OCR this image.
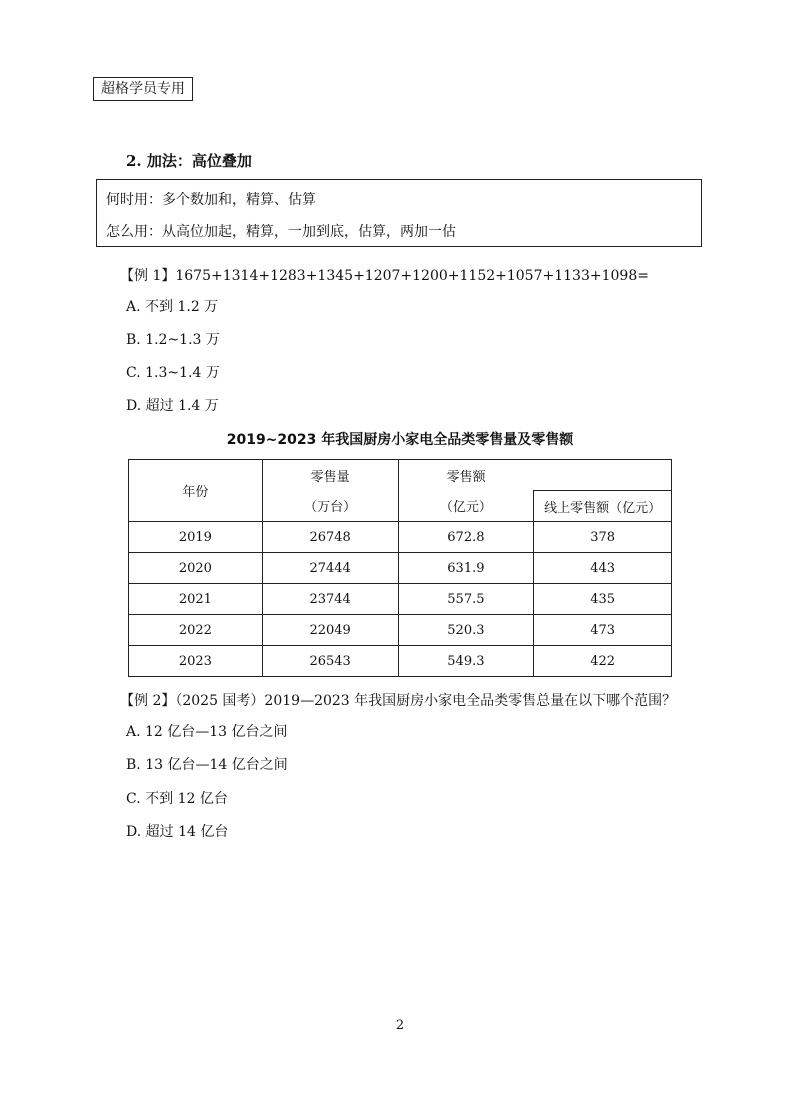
超格学员专用
2. 加法：高位叠加
何时用：多个数加和，精算、估算
怎么用：从高位加起，精算，一加到底，估算，两加一估
【例 1】1675+1314+1283+1345+1207+1200+1152+1057+1133+1098=
A. 不到 1.2 万
B. 1.2~1.3 万
C. 1.3~1.4 万
D. 超过 1.4 万
2019~2023 年我国厨房小家电全品类零售量及零售额
年份	零售量	零售额	
	（万台）	（亿元）	线上零售额（亿元）
2019	26748	672.8	378
2020	27444	631.9	443
2021	23744	557.5	435
2022	22049	520.3	473
2023	26543	549.3	422
【例 2】（2025 国考）2019—2023 年我国厨房小家电全品类零售总量在以下哪个范围？
A. 12 亿台—13 亿台之间
B. 13 亿台—14 亿台之间
C. 不到 12 亿台
D. 超过 14 亿台
2
